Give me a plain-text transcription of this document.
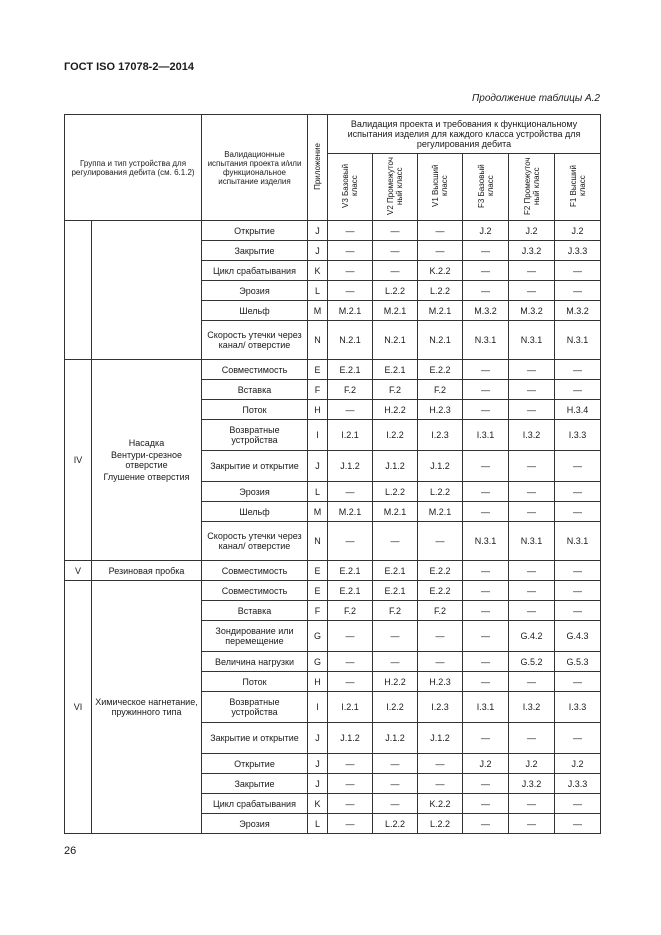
ГОСТ ISO 17078-2—2014
Продолжение таблицы А.2
Группа и тип устройства для регулирования дебита (см. 6.1.2)		Валидационные испытания проекта и/или функциональное испытание изделия	Приложение	Валидация проекта и требования к функциональному испытания изделия для каждого класса устройства для регулирования дебита					
				V3 Базовый класс	V2 Промежуточ ный класс	V1 Высший класс	F3 Базовый класс	F2 Промежуточ ный класс	F1 Высший класс
		Открытие	J	—	—	—	J.2	J.2	J.2
		Закрытие	J	—	—	—	—	J.3.2	J.3.3
		Цикл срабатывания	K	—	—	K.2.2	—	—	—
		Эрозия	L	—	L.2.2	L.2.2	—	—	—
		Шельф	M	M.2.1	M.2.1	M.2.1	M.3.2	M.3.2	M.3.2
		Скорость утечки через канал/ отверстие	N	N.2.1	N.2.1	N.2.1	N.3.1	N.3.1	N.3.1
IV	Насадка
Вентури-срезное отверстие
Глушение отверстия	Совместимость	E	E.2.1	E.2.1	E.2.2	—	—	—
		Вставка	F	F.2	F.2	F.2	—	—	—
		Поток	H	—	H.2.2	H.2.3	—	—	H.3.4
		Возвратные устройства	I	I.2.1	I.2.2	I.2.3	I.3.1	I.3.2	I.3.3
		Закрытие и открытие	J	J.1.2	J.1.2	J.1.2	—	—	—
		Эрозия	L	—	L.2.2	L.2.2	—	—	—
		Шельф	M	M.2.1	M.2.1	M.2.1	—	—	—
		Скорость утечки через канал/ отверстие	N	—	—	—	N.3.1	N.3.1	N.3.1
V	Резиновая пробка	Совместимость	E	E.2.1	E.2.1	E.2.2	—	—	—
VI	Химическое нагнетание, пружинного типа	Совместимость	E	E.2.1	E.2.1	E.2.2	—	—	—
		Вставка	F	F.2	F.2	F.2	—	—	—
		Зондирование или перемещение	G	—	—	—	—	G.4.2	G.4.3
		Величина нагрузки	G	—	—	—	—	G.5.2	G.5.3
		Поток	H	—	H.2.2	H.2.3	—	—	—
		Возвратные устройства	I	I.2.1	I.2.2	I.2.3	I.3.1	I.3.2	I.3.3
		Закрытие и открытие	J	J.1.2	J.1.2	J.1.2	—	—	—
		Открытие	J	—	—	—	J.2	J.2	J.2
		Закрытие	J	—	—	—	—	J.3.2	J.3.3
		Цикл срабатывания	K	—	—	K.2.2	—	—	—
		Эрозия	L	—	L.2.2	L.2.2	—	—	—
26
